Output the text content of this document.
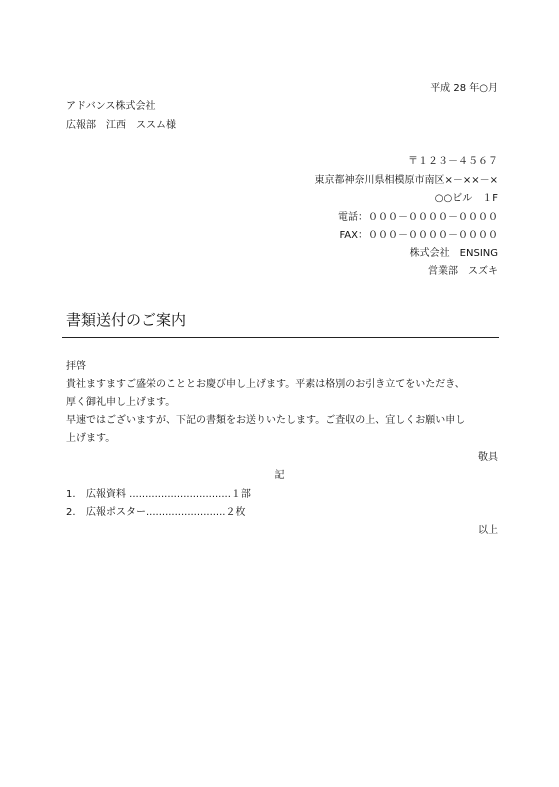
平成 28 年○月
アドバンス株式会社
広報部　江西　ススム様
〒１２３－４５６７
東京都神奈川県相模原市南区×－××－×
○○ビル　１F
電話：０００－００００－００００
FAX：０００－００００－００００
株式会社　ENSING
営業部　スズキ
書類送付のご案内
拝啓
貴社ますますご盛栄のこととお慶び申し上げます。平素は格別のお引き立てをいただき、
厚く御礼申し上げます。
早速ではございますが、下記の書類をお送りいたします。ご査収の上、宜しくお願い申し
上げます。
敬具
記
1. 広報資料 ................................１部
2. 広報ポスター.........................２枚
以上
